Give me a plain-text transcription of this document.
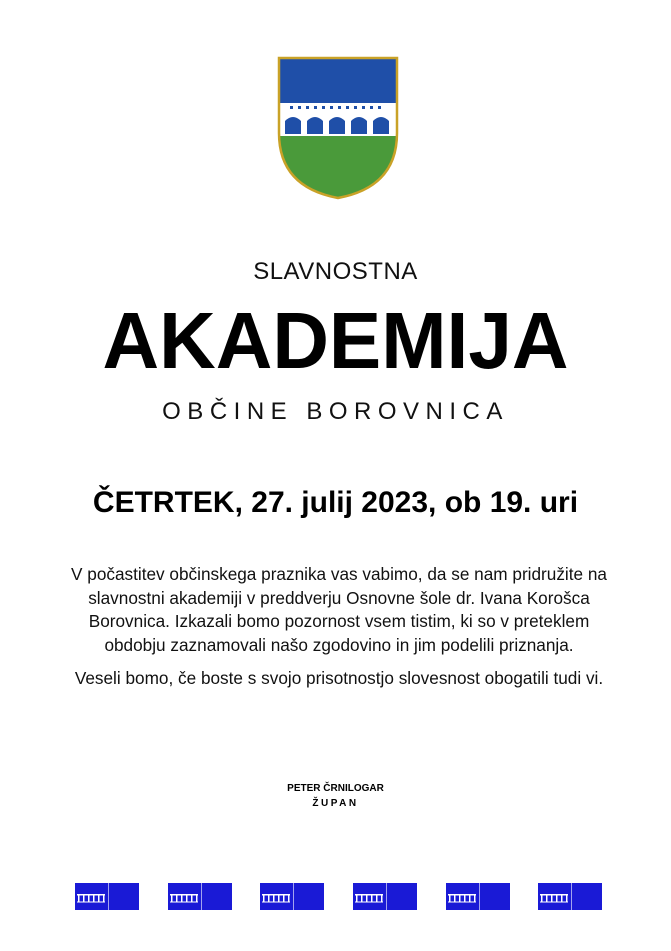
SLAVNOSTNA
AKADEMIJA
OBČINE BOROVNICA
ČETRTEK, 27. julij 2023, ob 19. uri

V počastitev občinskega praznika vas vabimo, da se nam pridružite na slavnostni akademiji v preddverju Osnovne šole dr. Ivana Korošca Borovnica. Izkazali bomo pozornost vsem tistim, ki so v preteklem obdobju zaznamovali našo zgodovino in jim podelili priznanja.

Veseli bomo, če boste s svojo prisotnostjo slovesnost obogatili tudi vi.

PETER ČRNILOGAR
ŽUPAN
